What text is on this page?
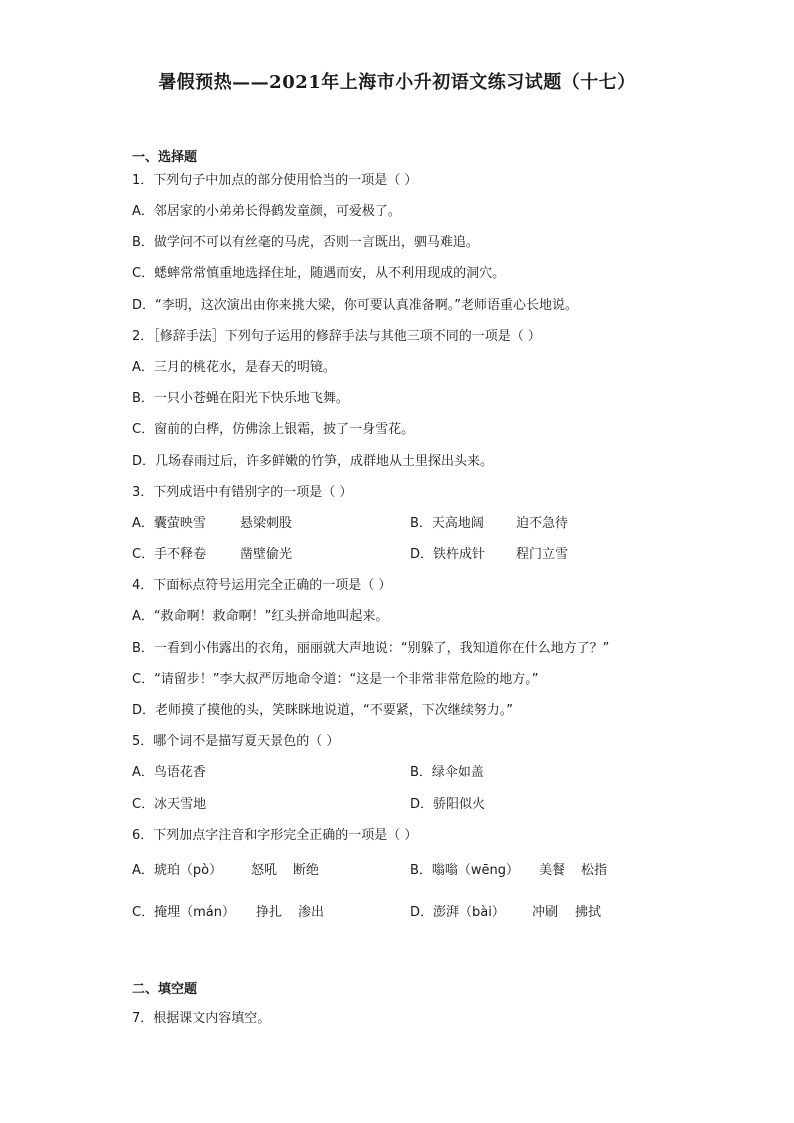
暑假预热——2021年上海市小升初语文练习试题（十七）
一、选择题
1．下列句子中加点的部分使用恰当的一项是（ ）
A．邻居家的小弟弟长得鹤发童颜，可爱极了。
B．做学问不可以有丝毫的马虎，否则一言既出，驷马难追。
C．蟋蟀常常慎重地选择住址，随遇而安，从不利用现成的洞穴。
D．“李明，这次演出由你来挑大梁，你可要认真准备啊。”老师语重心长地说。
2．［修辞手法］下列句子运用的修辞手法与其他三项不同的一项是（ ）
A．三月的桃花水，是春天的明镜。
B．一只小苍蝇在阳光下快乐地飞舞。
C．窗前的白桦，仿佛涂上银霜，披了一身雪花。
D．几场春雨过后，许多鲜嫩的竹笋，成群地从土里探出头来。
3．下列成语中有错别字的一项是（ ）
A．囊萤映雪	悬梁刺股	B．天高地阔 迫不急待
C．手不释卷	凿壁偷光	D．铁杵成针 程门立雪
4．下面标点符号运用完全正确的一项是（ ）
A．“救命啊！救命啊！”红头拼命地叫起来。
B．一看到小伟露出的衣角，丽丽就大声地说：“别躲了，我知道你在什么地方了？”
C．“请留步！”李大叔严厉地命令道：“这是一个非常非常危险的地方。”
D．老师摸了摸他的头，笑眯眯地说道，“不要紧，下次继续努力。”
5．哪个词不是描写夏天景色的（ ）
A．鸟语花香	B．绿伞如盖
C．冰天雪地	D．骄阳似火
6．下列加点字注音和字形完全正确的一项是（ ）
A．琥珀（pò） 怒吼 断绝	B．嗡嗡（wēng） 美餐 松指
C．掩埋（mán） 挣扎 渗出	D．澎湃（bài） 冲刷 拂拭
二、填空题
7．根据课文内容填空。
